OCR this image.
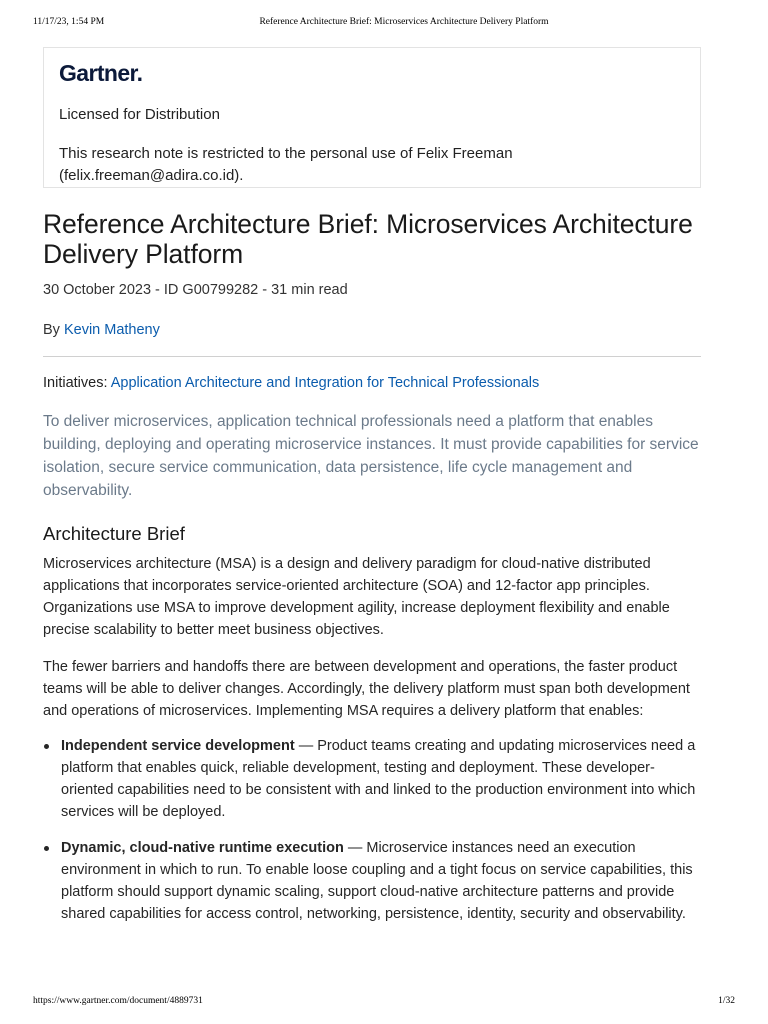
11/17/23, 1:54 PM	Reference Architecture Brief: Microservices Architecture Delivery Platform
Gartner.
Licensed for Distribution
This research note is restricted to the personal use of Felix Freeman (felix.freeman@adira.co.id).
Reference Architecture Brief: Microservices Architecture Delivery Platform
30 October 2023 - ID G00799282 - 31 min read
By Kevin Matheny
Initiatives: Application Architecture and Integration for Technical Professionals
To deliver microservices, application technical professionals need a platform that enables building, deploying and operating microservice instances. It must provide capabilities for service isolation, secure service communication, data persistence, life cycle management and observability.
Architecture Brief

Microservices architecture (MSA) is a design and delivery paradigm for cloud-native distributed applications that incorporates service-oriented architecture (SOA) and 12-factor app principles. Organizations use MSA to improve development agility, increase deployment flexibility and enable precise scalability to better meet business objectives.

The fewer barriers and handoffs there are between development and operations, the faster product teams will be able to deliver changes. Accordingly, the delivery platform must span both development and operations of microservices. Implementing MSA requires a delivery platform that enables:

Independent service development — Product teams creating and updating microservices need a platform that enables quick, reliable development, testing and deployment. These developer-oriented capabilities need to be consistent with and linked to the production environment into which services will be deployed.
Dynamic, cloud-native runtime execution — Microservice instances need an execution environment in which to run. To enable loose coupling and a tight focus on service capabilities, this platform should support dynamic scaling, support cloud-native architecture patterns and provide shared capabilities for access control, networking, persistence, identity, security and observability.
https://www.gartner.com/document/4889731	1/32
